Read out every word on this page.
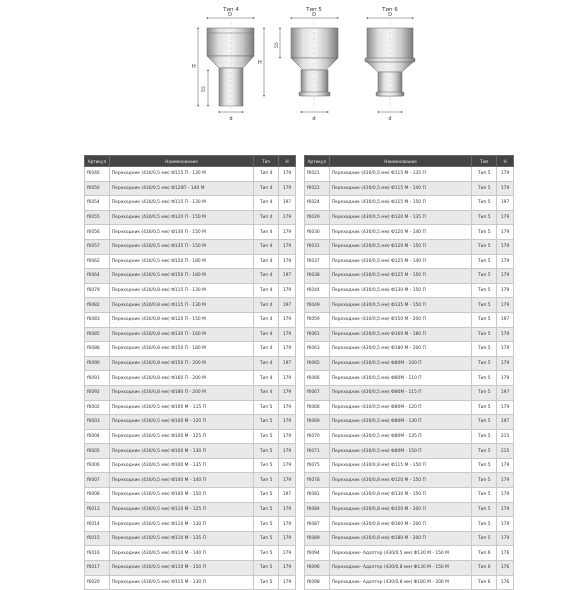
Тип 4
D
d
H
55
Тип 5
D
d
H
55
Тип 6
D
d
Артикул	Наименование	Тип	H
f6046	Переходник (430/0,5 мм) Ф115 П - 130 М	Тип 4	179
f6050	Переходник (430/0,5 мм) Ф120П - 140 М	Тип 4	179
f6054	Переходник (430/0,5 мм) Ф115 П - 130 М	Тип 4	197
f6055	Переходник (430/0,5 мм) Ф120 П - 150 М	Тип 4	179
f6056	Переходник (430/0,5 мм) Ф130 П - 150 М	Тип 4	179
f6057	Переходник (430/0,5 мм) Ф135 П - 150 М	Тип 4	179
f6062	Переходник (430/0,5 мм) Ф150 П - 180 М	Тип 4	179
f6064	Переходник (430/0,5 мм) Ф150 П - 180 М	Тип 4	197
f6079	Переходник (430/0,8 мм) Ф115 П - 130 М	Тип 4	179
f6082	Переходник (430/0,8 мм) Ф115 П - 130 М	Тип 4	197
f6083	Переходник (430/0,8 мм) Ф120 П - 150 М	Тип 4	179
f6085	Переходник (430/0,8 мм) Ф130 П - 160 М	Тип 4	179
f6088	Переходник (430/0,8 мм) Ф150 П - 180 М	Тип 4	179
f6090	Переходник (430/0,8 мм) Ф150 П - 200 М	Тип 4	197
f6091	Переходник (430/0,8 мм) Ф160 П - 200 М	Тип 4	179
f6092	Переходник (430/0,8 мм) Ф180 П - 200 М	Тип 4	179
f6002	Переходник (430/0,5 мм) Ф100 М - 115 П	Тип 5	179
f6003	Переходник (430/0,5 мм) Ф100 М - 120 П	Тип 5	179
f6004	Переходник (430/0,5 мм) Ф100 М - 125 П	Тип 5	179
f6005	Переходник (430/0,5 мм) Ф100 М - 130 П	Тип 5	179
f6006	Переходник (430/0,5 мм) Ф100 М - 135 П	Тип 5	179
f6007	Переходник (430/0,5 мм) Ф100 М - 140 П	Тип 5	179
f6008	Переходник (430/0,5 мм) Ф100 М - 150 П	Тип 5	197
f6013	Переходник (430/0,5 мм) Ф110 М - 125 П	Тип 5	179
f6014	Переходник (430/0,5 мм) Ф110 М - 130 П	Тип 5	179
f6015	Переходник (430/0,5 мм) Ф110 М - 135 П	Тип 5	179
f6016	Переходник (430/0,5 мм) Ф110 М - 140 П	Тип 5	179
f6017	Переходник (430/0,5 мм) Ф110 М - 150 П	Тип 5	179
f6020	Переходник (430/0,5 мм) Ф115 М - 130 П	Тип 5	179
Артикул	Наименование	Тип	H
f6021	Переходник (430/0,5 мм) Ф115 М - 135 П	Тип 5	179
f6022	Переходник (430/0,5 мм) Ф115 М - 140 П	Тип 5	179
f6024	Переходник (430/0,5 мм) Ф115 М - 150 П	Тип 5	197
f6029	Переходник (430/0,5 мм) Ф120 М - 135 П	Тип 5	179
f6030	Переходник (430/0,5 мм) Ф120 М - 140 П	Тип 5	179
f6031	Переходник (430/0,5 мм) Ф120 М - 150 П	Тип 5	179
f6037	Переходник (430/0,5 мм) Ф125 М - 140 П	Тип 5	179
f6038	Переходник (430/0,5 мм) Ф125 М - 150 П	Тип 5	179
f6044	Переходник (430/0,5 мм) Ф130 М - 150 П	Тип 5	179
f6049	Переходник (430/0,5 мм) Ф135 М - 150 П	Тип 5	179
f6059	Переходник (430/0,5 мм) Ф150 М - 200 П	Тип 5	197
f6061	Переходник (430/0,5 мм) Ф160 М - 180 П	Тип 5	179
f6063	Переходник (430/0,5 мм) Ф180 М - 200 П	Тип 5	179
f6065	Переходник (430/0,5 мм) Ф80М - 100 П	Тип 5	179
f6066	Переходник (430/0,5 мм) Ф80М - 110 П	Тип 5	179
f6067	Переходник (430/0,5 мм) Ф80М - 115 П	Тип 5	197
f6068	Переходник (430/0,5 мм) Ф80М - 120 П	Тип 5	179
f6069	Переходник (430/0,5 мм) Ф80М - 130 П	Тип 5	197
f6070	Переходник (430/0,5 мм) Ф80М - 135 П	Тип 5	215
f6071	Переходник (430/0,5 мм) Ф80М - 150 П	Тип 5	215
f6075	Переходник (430/0,8 мм) Ф115 М - 150 П	Тип 5	179
f6078	Переходник (430/0,8 мм) Ф120 М - 150 П	Тип 5	179
f6081	Переходник (430/0,8 мм) Ф130 М - 150 П	Тип 5	179
f6084	Переходник (430/0,8 мм) Ф150 М - 200 П	Тип 5	179
f6087	Переходник (430/0,8 мм) Ф160 М - 200 П	Тип 5	179
f6089	Переходник (430/0,8 мм) Ф180 М - 200 П	Тип 5	179
f6094	Переходник- Адаптер (430/0,5 мм) Ф130 М - 150 М	Тип 6	176
f6096	Переходник- Адаптер (430/0,8 мм) Ф130 М - 150 М	Тип 6	176
f6098	Переходник- Адаптер (430/0,8 мм) Ф180 М - 200 М	Тип 6	176
